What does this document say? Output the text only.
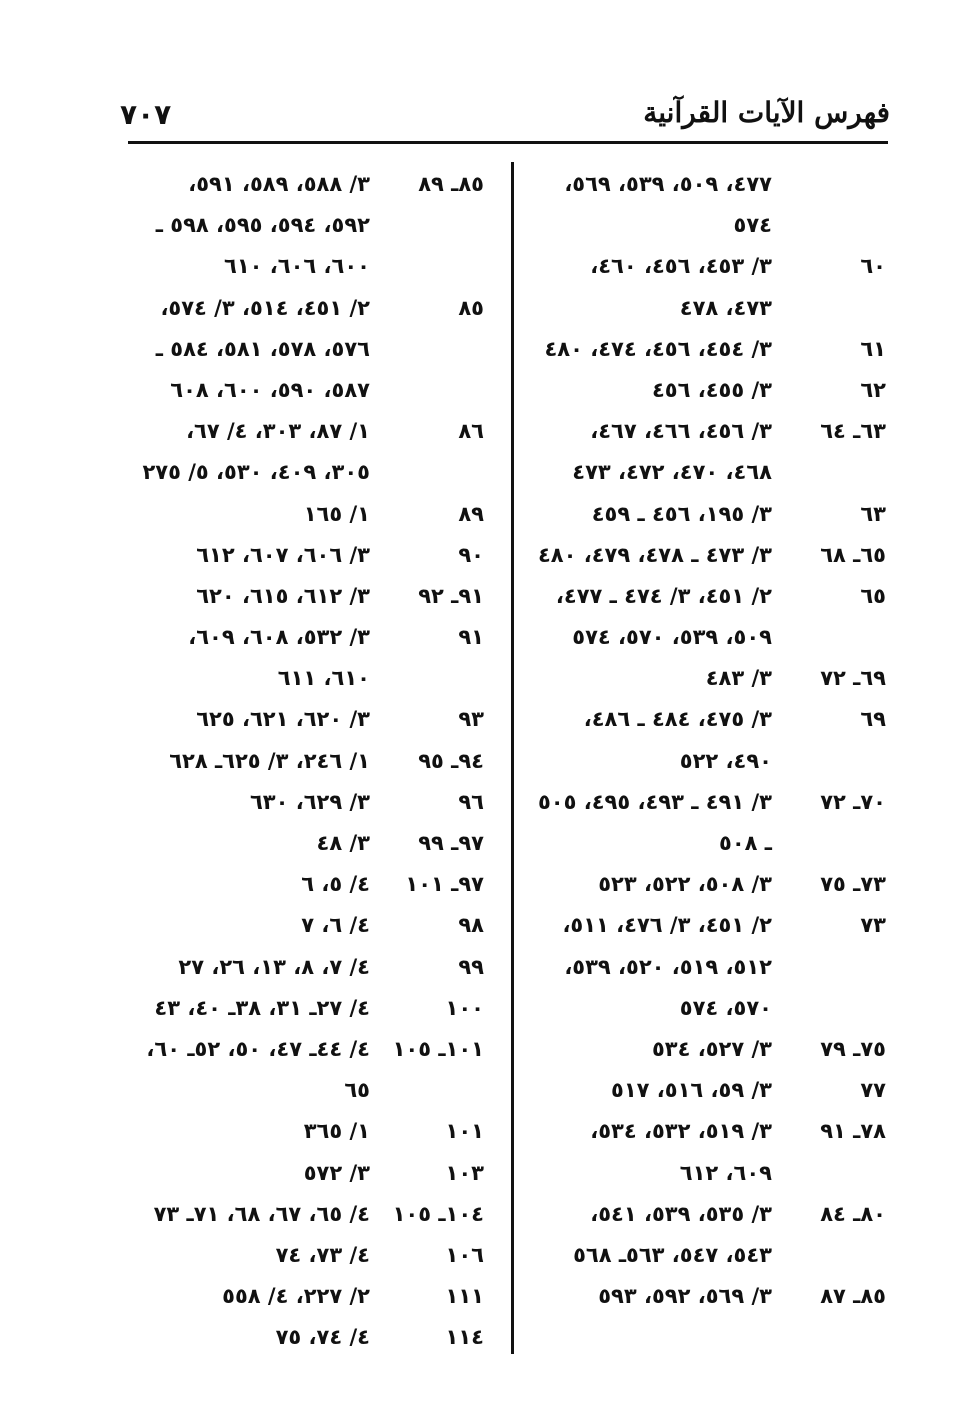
فهرس الآيات القرآنية
٧٠٧
٤٧٧، ٥٠٩، ٥٣٩، ٥٦٩،
٥٧٤
٦٠
٣/ ٤٥٣، ٤٥٦، ٤٦٠،
٤٧٣، ٤٧٨
٦١
٣/ ٤٥٤، ٤٥٦، ٤٧٤، ٤٨٠
٦٢
٣/ ٤٥٥، ٤٥٦
٦٣ـ ٦٤
٣/ ٤٥٦، ٤٦٦، ٤٦٧،
٤٦٨، ٤٧٠، ٤٧٢، ٤٧٣
٦٣
٣/ ١٩٥، ٤٥٦ ـ ٤٥٩
٦٥ـ ٦٨
٣/ ٤٧٣ ـ ٤٧٨، ٤٧٩، ٤٨٠
٦٥
٢/ ٤٥١، ٣/ ٤٧٤ ـ ٤٧٧،
٥٠٩، ٥٣٩، ٥٧٠، ٥٧٤
٦٩ـ ٧٢
٣/ ٤٨٣
٦٩
٣/ ٤٧٥، ٤٨٤ ـ ٤٨٦،
٤٩٠، ٥٢٢
٧٠ـ ٧٢
٣/ ٤٩١ ـ ٤٩٣، ٤٩٥، ٥٠٥
ـ ٥٠٨
٧٣ـ ٧٥
٣/ ٥٠٨، ٥٢٢، ٥٢٣
٧٣
٢/ ٤٥١، ٣/ ٤٧٦، ٥١١،
٥١٢، ٥١٩، ٥٢٠، ٥٣٩،
٥٧٠، ٥٧٤
٧٥ـ ٧٩
٣/ ٥٢٧، ٥٣٤
٧٧
٣/ ٥٩، ٥١٦، ٥١٧
٧٨ـ ٩١
٣/ ٥١٩، ٥٣٢، ٥٣٤،
٦٠٩، ٦١٢
٨٠ـ ٨٤
٣/ ٥٣٥، ٥٣٩، ٥٤١،
٥٤٣، ٥٤٧، ٥٦٣ـ ٥٦٨
٨٥ـ ٨٧
٣/ ٥٦٩، ٥٩٢، ٥٩٣
٨٥ـ ٨٩
٣/ ٥٨٨، ٥٨٩، ٥٩١،
٥٩٢، ٥٩٤، ٥٩٥، ٥٩٨ ـ
٦٠٠، ٦٠٦، ٦١٠
٨٥
٢/ ٤٥١، ٥١٤، ٣/ ٥٧٤،
٥٧٦، ٥٧٨، ٥٨١، ٥٨٤ ـ
٥٨٧، ٥٩٠، ٦٠٠، ٦٠٨
٨٦
١/ ٨٧، ٣٠٣، ٤/ ٦٧،
٣٠٥، ٤٠٩، ٥٣٠، ٥/ ٢٧٥
٨٩
١/ ١٦٥
٩٠
٣/ ٦٠٦، ٦٠٧، ٦١٢
٩١ـ ٩٢
٣/ ٦١٢، ٦١٥، ٦٢٠
٩١
٣/ ٥٣٢، ٦٠٨، ٦٠٩،
٦١٠، ٦١١
٩٣
٣/ ٦٢٠، ٦٢١، ٦٢٥
٩٤ـ ٩٥
١/ ٢٤٦، ٣/ ٦٢٥ـ ٦٢٨
٩٦
٣/ ٦٢٩، ٦٣٠
٩٧ـ ٩٩
٣/ ٤٨
٩٧ـ ١٠١
٤/ ٥، ٦
٩٨
٤/ ٦، ٧
٩٩
٤/ ٧، ٨، ١٣، ٢٦، ٢٧
١٠٠
٤/ ٢٧ـ ٣١، ٣٨ـ ٤٠، ٤٣
١٠١ـ ١٠٥
٤/ ٤٤ـ ٤٧، ٥٠، ٥٢ـ ٦٠،
٦٥
١٠١
١/ ٣٦٥
١٠٣
٣/ ٥٧٢
١٠٤ـ ١٠٥
٤/ ٦٥، ٦٧، ٦٨، ٧١ـ ٧٣
١٠٦
٤/ ٧٣، ٧٤
١١١
٢/ ٢٢٧، ٤/ ٥٥٨
١١٤
٤/ ٧٤، ٧٥
